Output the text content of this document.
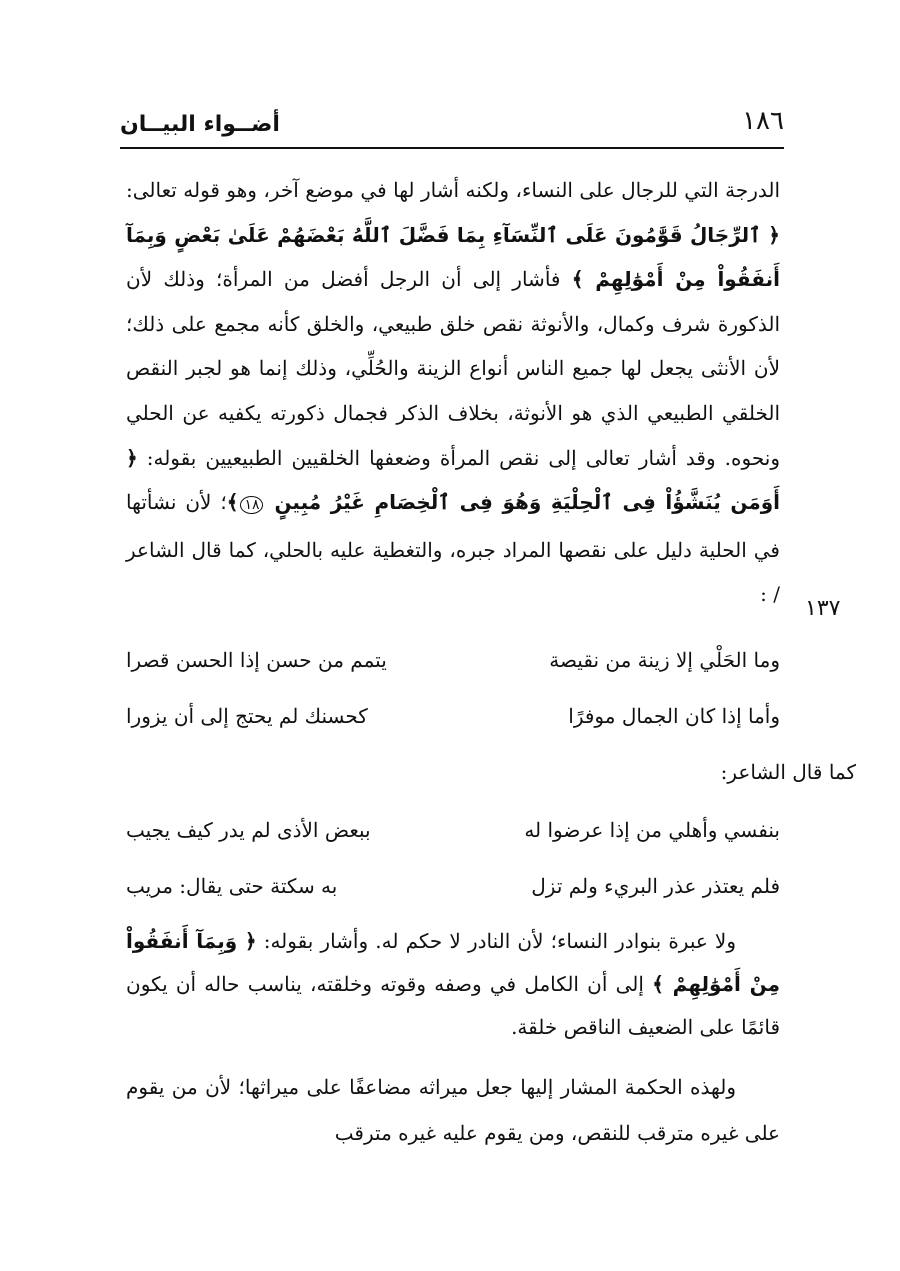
١٨٦
أضــواء البيــان

الدرجة التي للرجال على النساء، ولكنه أشار لها في موضع آخر، وهو قوله تعالى: ﴿ ٱلرِّجَالُ قَوَّٰمُونَ عَلَى ٱلنِّسَآءِ بِمَا فَضَّلَ ٱللَّهُ بَعْضَهُمْ عَلَىٰ بَعْضٍ وَبِمَآ أَنفَقُواْ مِنْ أَمْوَٰلِهِمْ ﴾ فأشار إلى أن الرجل أفضل من المرأة؛ وذلك لأن الذكورة شرف وكمال، والأنوثة نقص خلق طبيعي، والخلق كأنه مجمع على ذلك؛ لأن الأنثى يجعل لها جميع الناس أنواع الزينة والحُلِّي، وذلك إنما هو لجبر النقص الخلقي الطبيعي الذي هو الأنوثة، بخلاف الذكر فجمال ذكورته يكفيه عن الحلي ونحوه. وقد أشار تعالى إلى نقص المرأة وضعفها الخلقيين الطبيعيين بقوله: ﴿ أَوَمَن يُنَشَّؤُاْ فِى ٱلْحِلْيَةِ وَهُوَ فِى ٱلْخِصَامِ غَيْرُ مُبِينٍ ١٨﴾؛ لأن نشأتها في الحلية دليل على نقصها المراد جبره، والتغطية عليه بالحلي، كما قال الشاعر / :

١٣٧
وما الحَلْي إلا زينة من نقيصة
يتمم من حسن إذا الحسن قصرا
وأما إذا كان الجمال موفرًا
كحسنك لم يحتج إلى أن يزورا
كما قال الشاعر:
بنفسي وأهلي من إذا عرضوا له
ببعض الأذى لم يدر كيف يجيب
فلم يعتذر عذر البريء ولم تزل
به سكتة حتى يقال: مريب

ولا عبرة بنوادر النساء؛ لأن النادر لا حكم له. وأشار بقوله: ﴿ وَبِمَآ أَنفَقُواْ مِنْ أَمْوَٰلِهِمْ ﴾ إلى أن الكامل في وصفه وقوته وخلقته، يناسب حاله أن يكون قائمًا على الضعيف الناقص خلقة.

ولهذه الحكمة المشار إليها جعل ميراثه مضاعفًا على ميراثها؛ لأن من يقوم على غيره مترقب للنقص، ومن يقوم عليه غيره مترقب
